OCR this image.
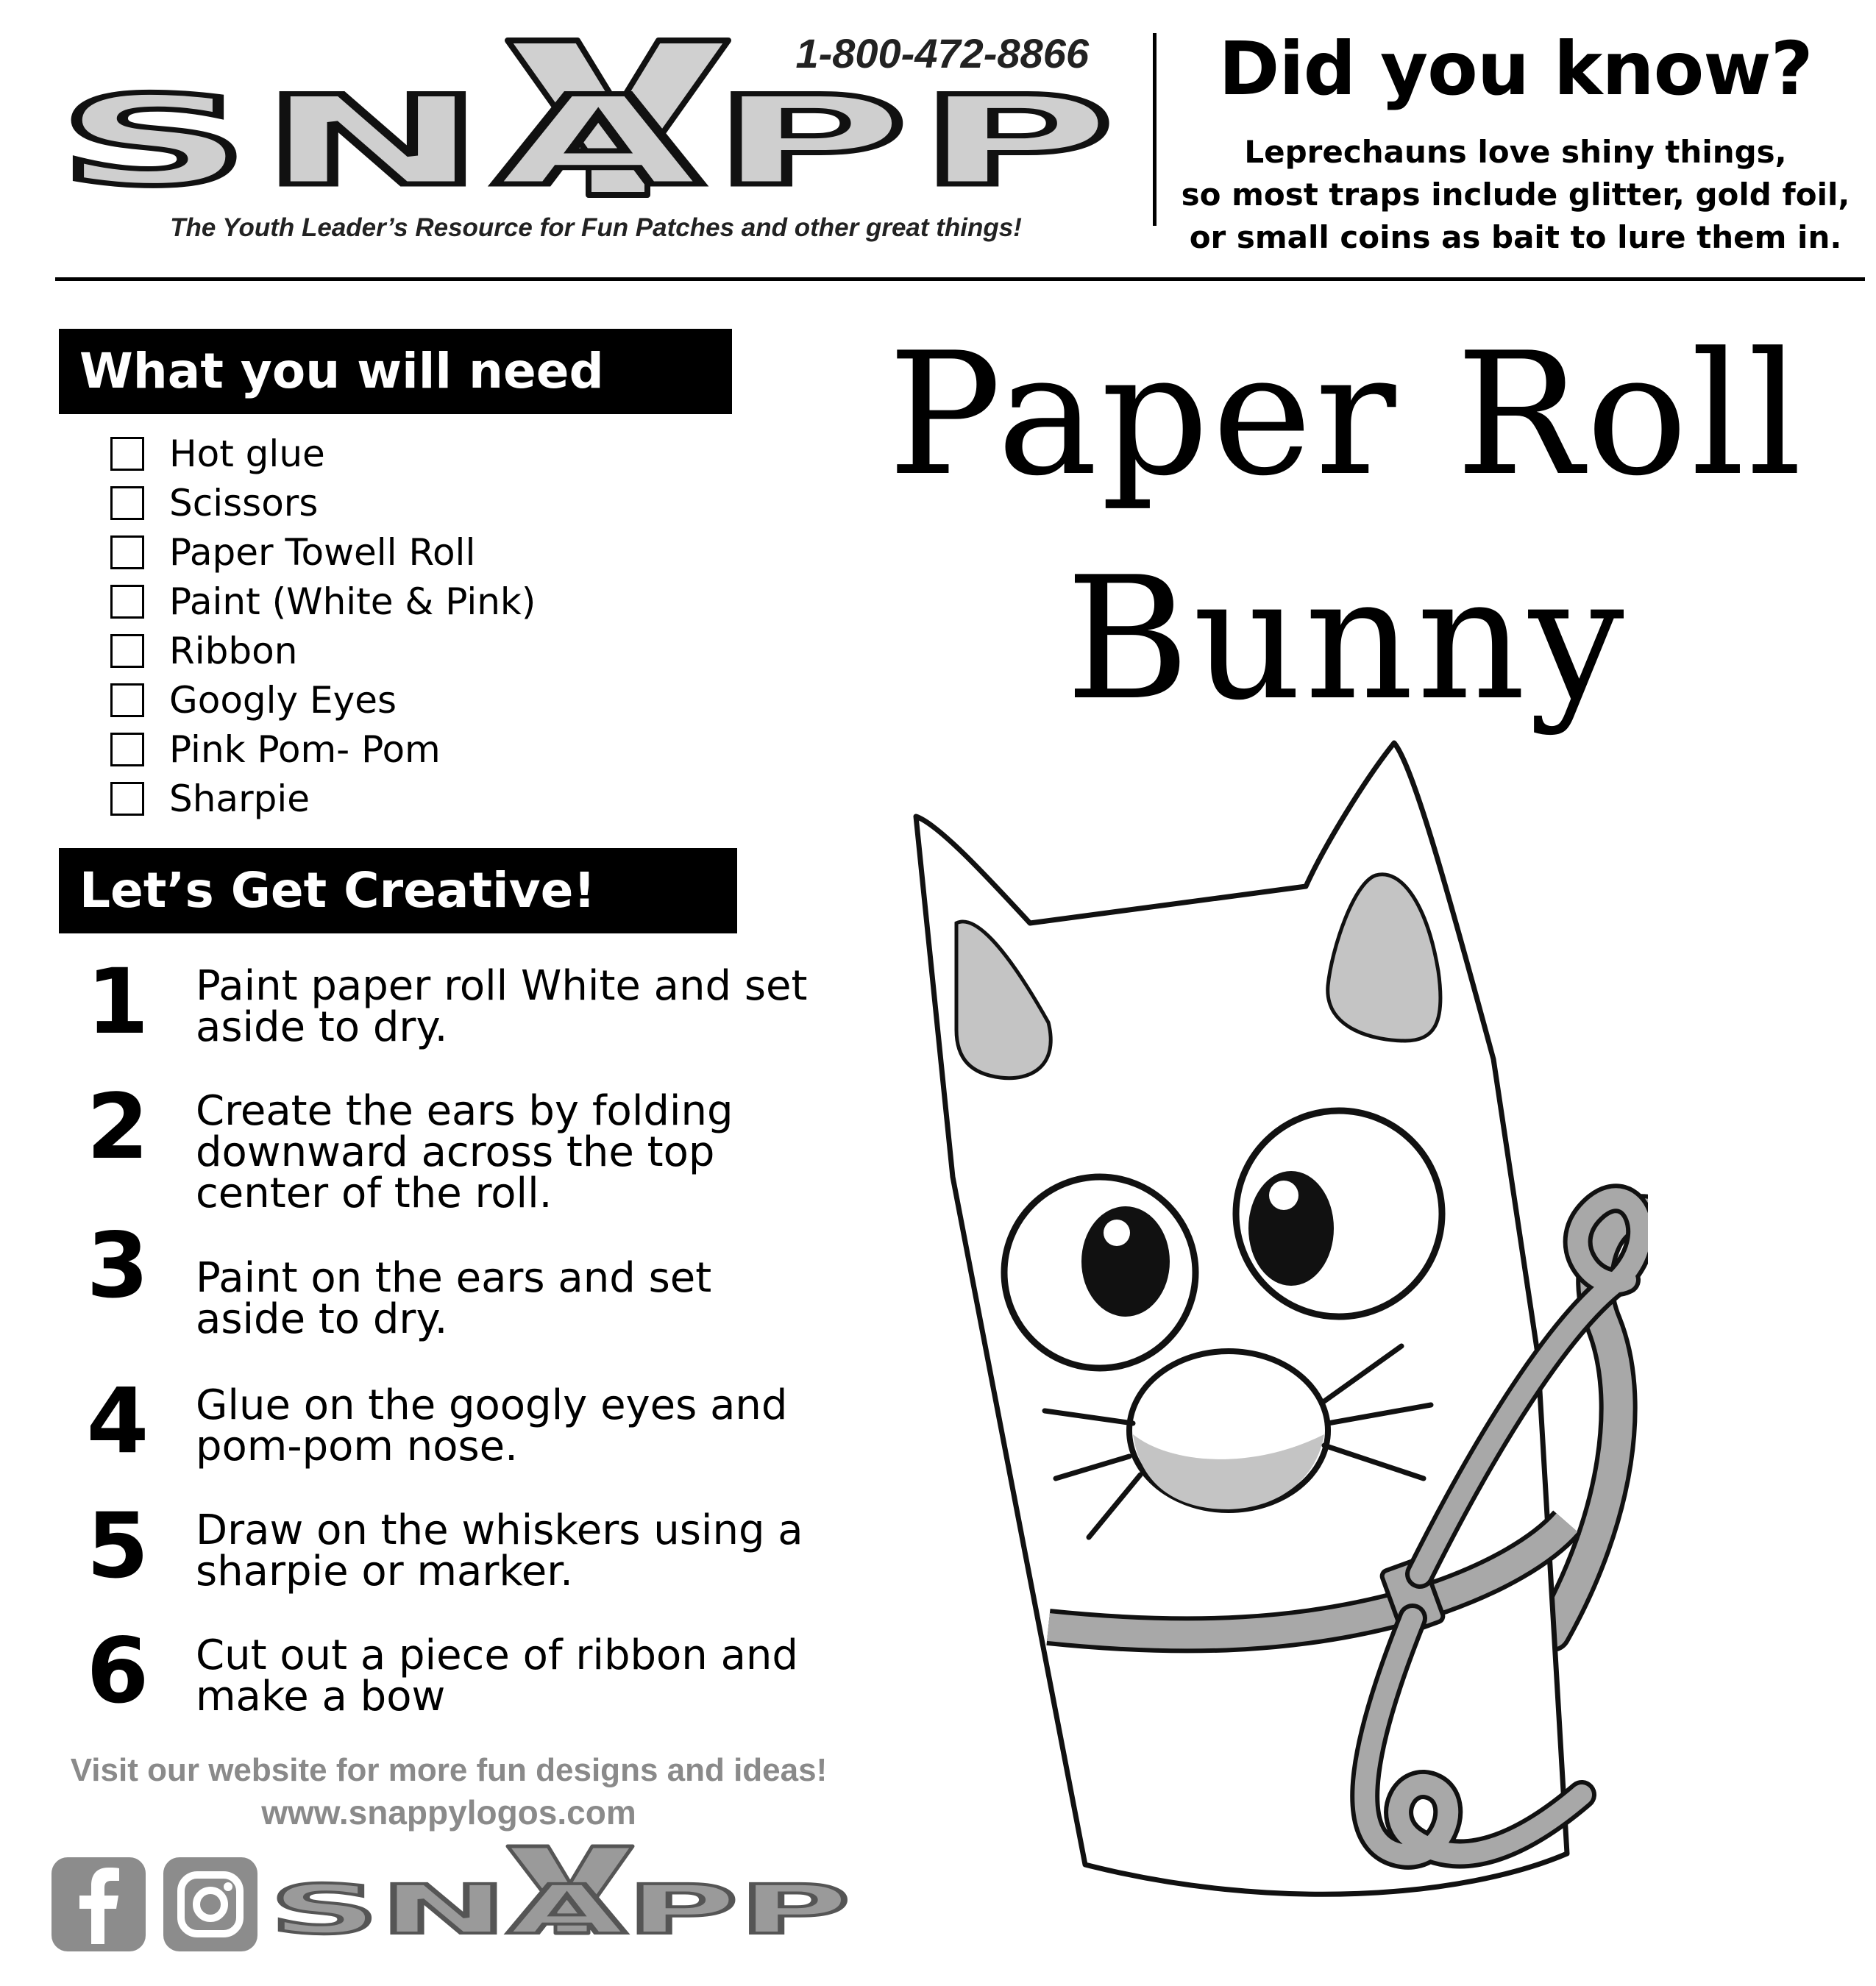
SNAPP
1-800-472-8866
The Youth Leader’s Resource for Fun Patches and other great things!
Did you know?
Leprechauns love shiny things,
so most traps include glitter, gold foil,
or small coins as bait to lure them in.
What you will need
Hot glue
Scissors
Paper Towell Roll
Paint (White & Pink)
Ribbon
Googly Eyes
Pink Pom- Pom
Sharpie
Let’s Get Creative!
1	Paint paper roll White and set
aside to dry.
2	Create the ears by folding
downward across the top
center of the roll.
3	Paint on the ears and set
aside to dry.
4	Glue on the googly eyes and
pom-pom nose.
5	Draw on the whiskers using a
sharpie or marker.
6	Cut out a piece of ribbon and
make a bow
Visit our website for more fun designs and ideas!
www.snappylogos.com
SNAPP
Paper Roll
Bunny
